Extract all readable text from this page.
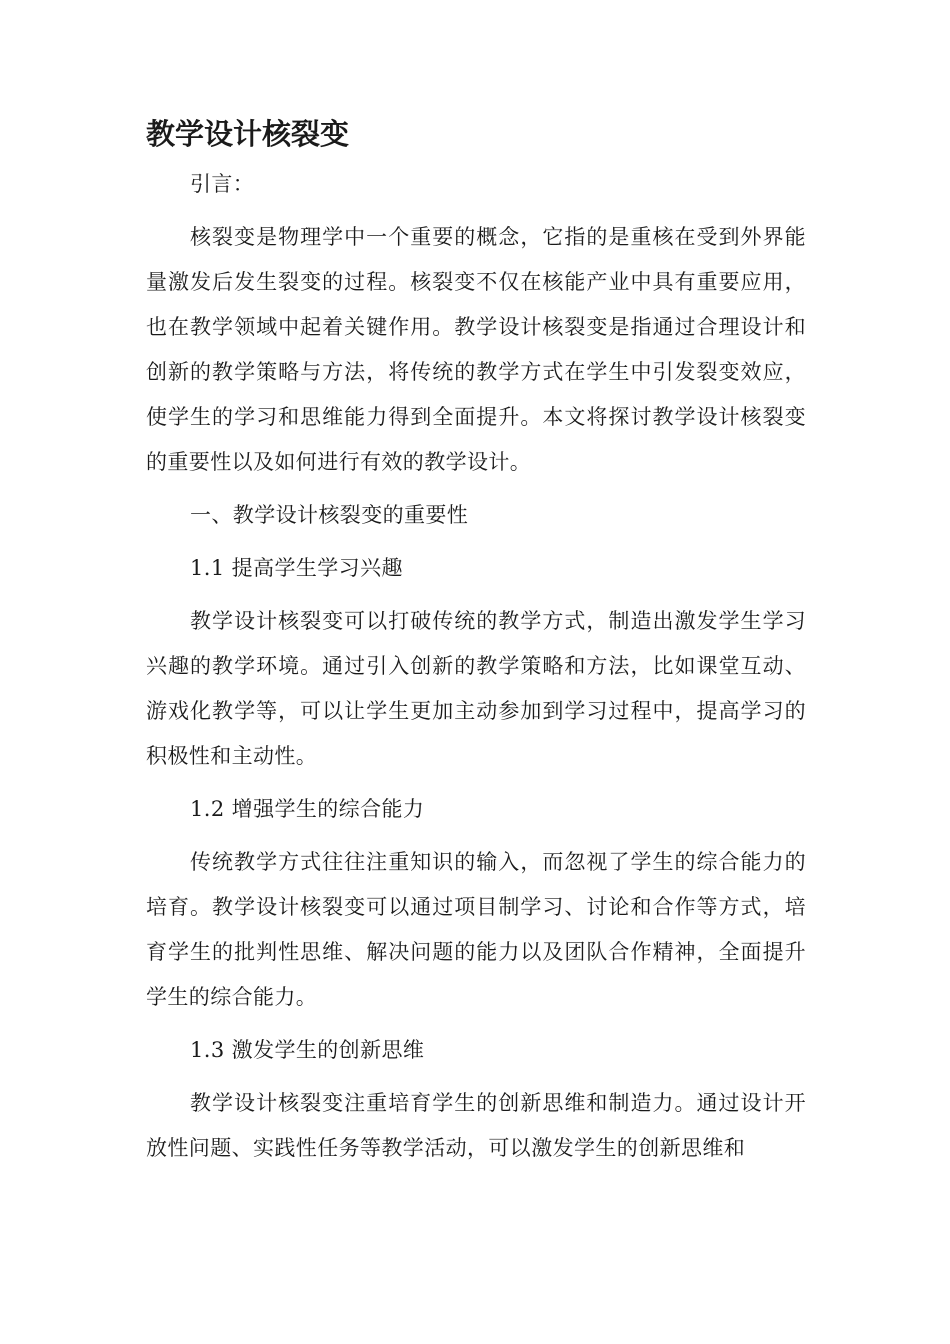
教学设计核裂变

引言：

核裂变是物理学中一个重要的概念，它指的是重核在受到外界能量激发后发生裂变的过程。核裂变不仅在核能产业中具有重要应用，也在教学领域中起着关键作用。教学设计核裂变是指通过合理设计和创新的教学策略与方法，将传统的教学方式在学生中引发裂变效应，使学生的学习和思维能力得到全面提升。本文将探讨教学设计核裂变的重要性以及如何进行有效的教学设计。

一、教学设计核裂变的重要性

1.1 提高学生学习兴趣

教学设计核裂变可以打破传统的教学方式，制造出激发学生学习兴趣的教学环境。通过引入创新的教学策略和方法，比如课堂互动、游戏化教学等，可以让学生更加主动参加到学习过程中，提高学习的积极性和主动性。

1.2 增强学生的综合能力

传统教学方式往往注重知识的输入，而忽视了学生的综合能力的培育。教学设计核裂变可以通过项目制学习、讨论和合作等方式，培育学生的批判性思维、解决问题的能力以及团队合作精神，全面提升学生的综合能力。

1.3 激发学生的创新思维

教学设计核裂变注重培育学生的创新思维和制造力。通过设计开放性问题、实践性任务等教学活动，可以激发学生的创新思维和
